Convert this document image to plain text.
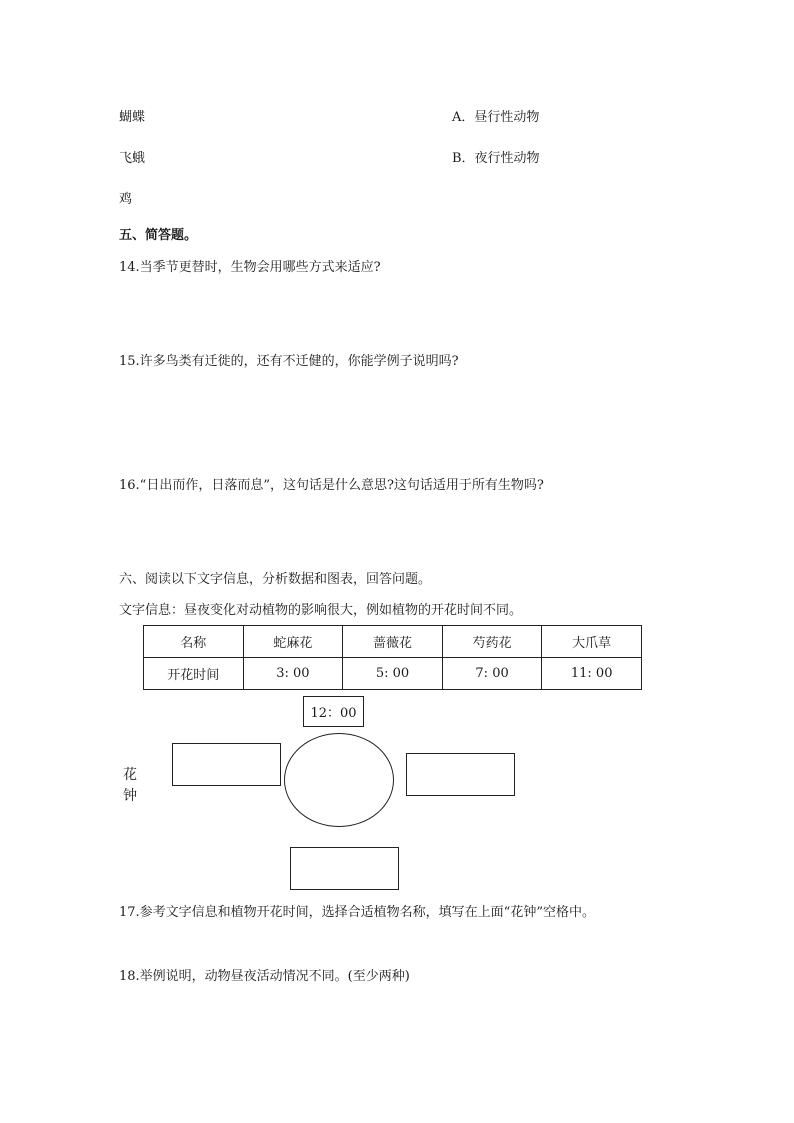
蝴蝶
飞蛾
鸡
A．昼行性动物
B．夜行性动物
五、简答题。
14.当季节更替时，生物会用哪些方式来适应?
15.许多鸟类有迁徙的，还有不迁健的，你能学例子说明吗?
16.“日出而作，日落而息”，这句话是什么意思?这句话适用于所有生物吗?
六、阅读以下文字信息，分析数据和图表，回答问题。
文字信息：昼夜变化对动植物的影响很大，例如植物的开花时间不同。
名称	蛇麻花	蔷薇花	芍药花	大爪草
开花时间	3: 00	5: 00	7: 00	11: 00
花
钟
12：00
17.参考文字信息和植物开花时间，选择合适植物名称，填写在上面“花钟”空格中。
18.举例说明，动物昼夜活动情况不同。(至少两种)
